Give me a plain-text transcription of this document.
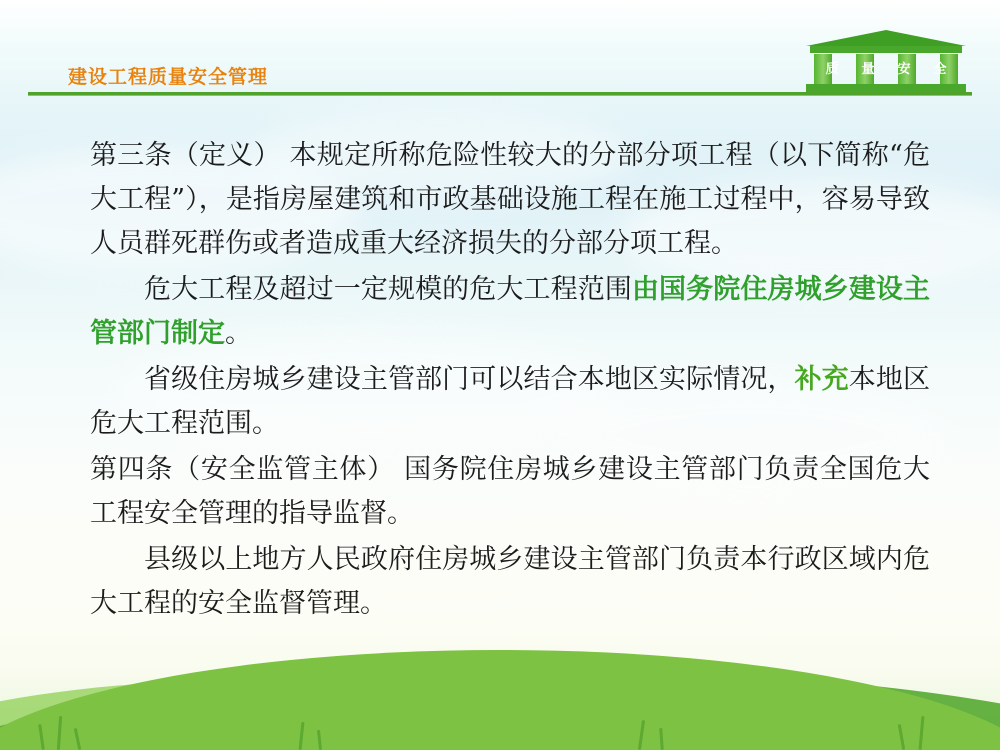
建设工程质量安全管理	质 量 安 全

第三条（定义） 本规定所称危险性较大的分部分项工程（以下简称“危大工程”），是指房屋建筑和市政基础设施工程在施工过程中，容易导致人员群死群伤或者造成重大经济损失的分部分项工程。

危大工程及超过一定规模的危大工程范围由国务院住房城乡建设主管部门制定。

省级住房城乡建设主管部门可以结合本地区实际情况，补充本地区危大工程范围。

第四条（安全监管主体） 国务院住房城乡建设主管部门负责全国危大工程安全管理的指导监督。

县级以上地方人民政府住房城乡建设主管部门负责本行政区域内危大工程的安全监督管理。
